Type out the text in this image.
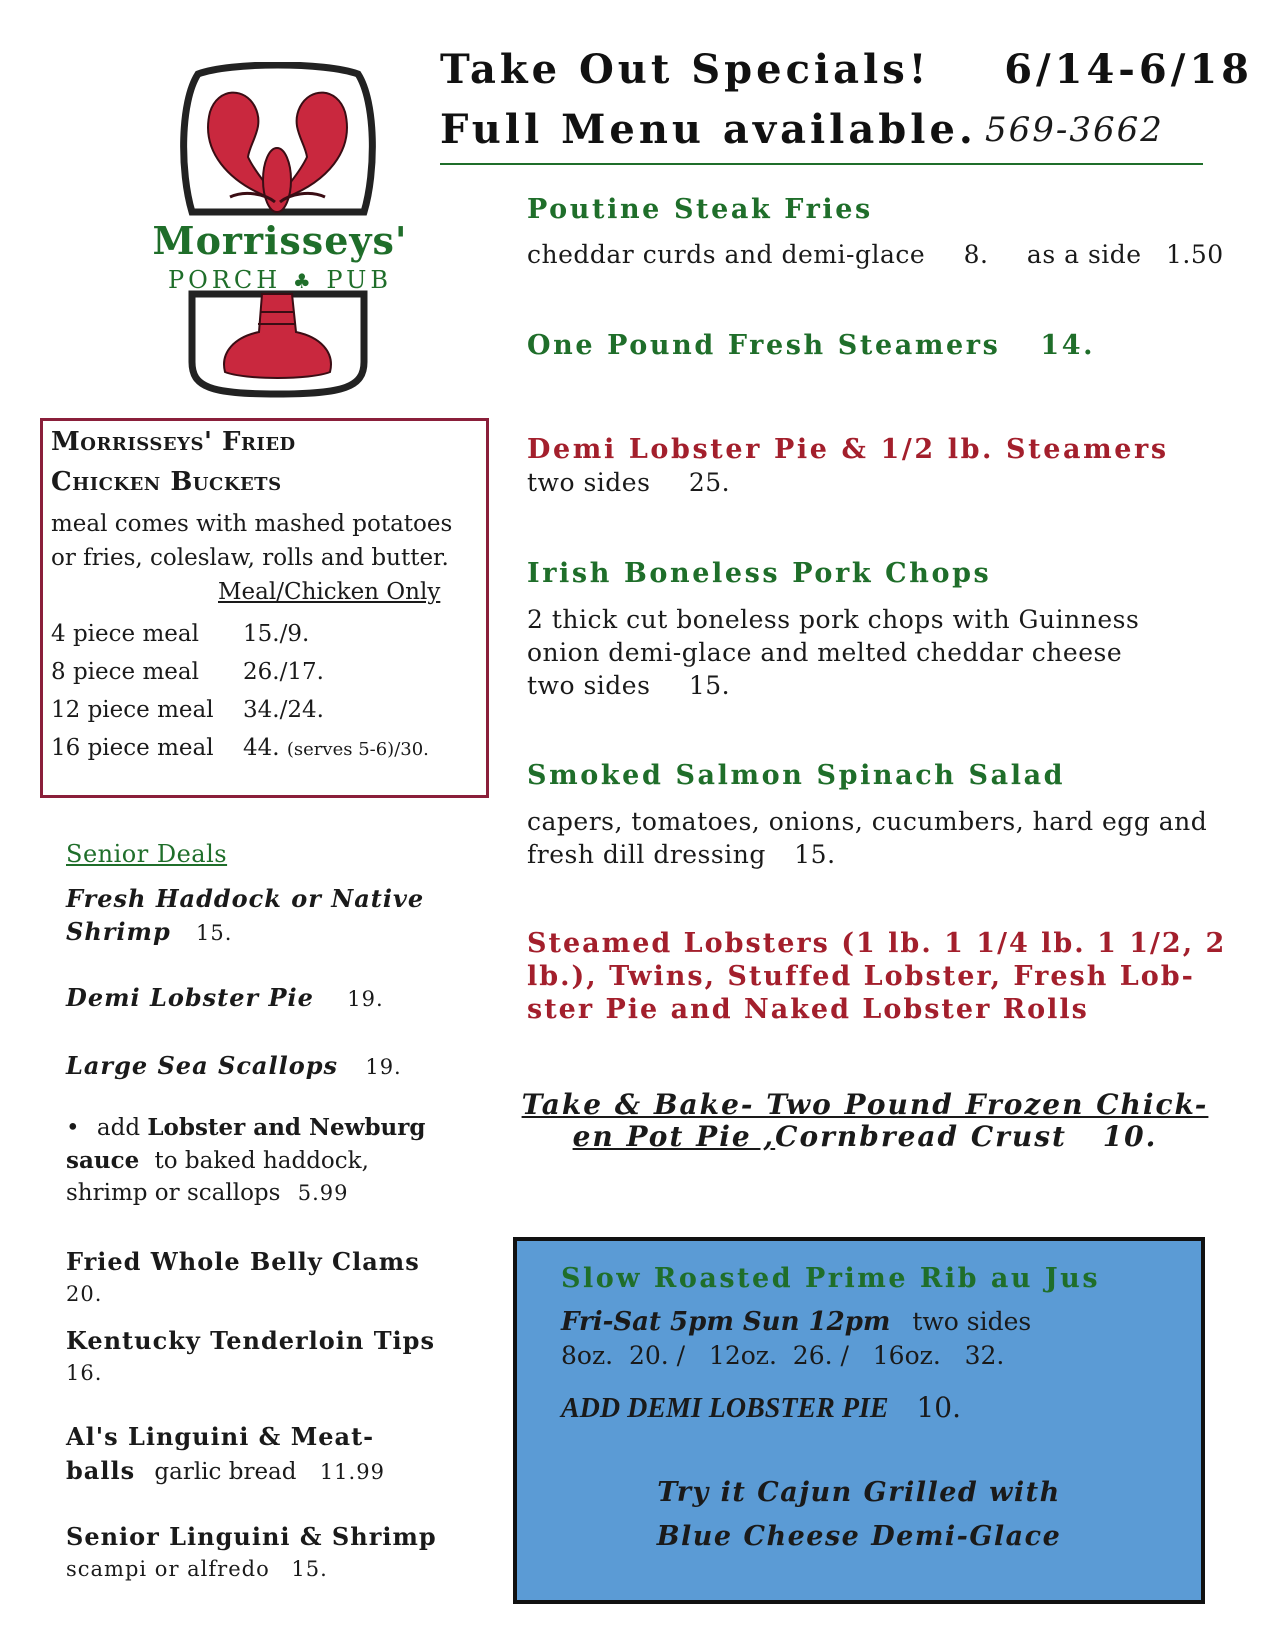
Take Out Specials! 6/14-6/18
Full Menu available. 569-3662
Morrisseys'
PORCH ♣ PUB
Morrisseys' Fried
Chicken Buckets
meal comes with mashed potatoes
or fries, coleslaw, rolls and butter.
Meal/Chicken Only
4 piece meal 15./9.
8 piece meal 26./17.
12 piece meal 34./24.
16 piece meal 44. (serves 5-6)/30.
Senior Deals
Fresh Haddock or Native
Shrimp 15.
Demi Lobster Pie 19.
Large Sea Scallops 19.
• add Lobster and Newburg
sauce to baked haddock,
shrimp or scallops 5.99
Fried Whole Belly Clams
20.
Kentucky Tenderloin Tips
16.
Al's Linguini & Meat-
balls garlic bread 11.99
Senior Linguini & Shrimp
scampi or alfredo 15.
Poutine Steak Fries
cheddar curds and demi-glace 8. as a side 1.50
One Pound Fresh Steamers 14.
Demi Lobster Pie & 1/2 lb. Steamers
two sides 25.
Irish Boneless Pork Chops
2 thick cut boneless pork chops with Guinness
onion demi-glace and melted cheddar cheese
two sides 15.
Smoked Salmon Spinach Salad
capers, tomatoes, onions, cucumbers, hard egg and
fresh dill dressing 15.
Steamed Lobsters (1 lb. 1 1/4 lb. 1 1/2, 2
lb.), Twins, Stuffed Lobster, Fresh Lob-
ster Pie and Naked Lobster Rolls
Take & Bake- Two Pound Frozen Chick-
en Pot Pie ,Cornbread Crust 10.
Slow Roasted Prime Rib au Jus
Fri-Sat 5pm Sun 12pm two sides
8oz.  20. /   12oz.  26. /   16oz.   32.
ADD DEMI LOBSTER PIE 10.
Try it Cajun Grilled with
Blue Cheese Demi-Glace
